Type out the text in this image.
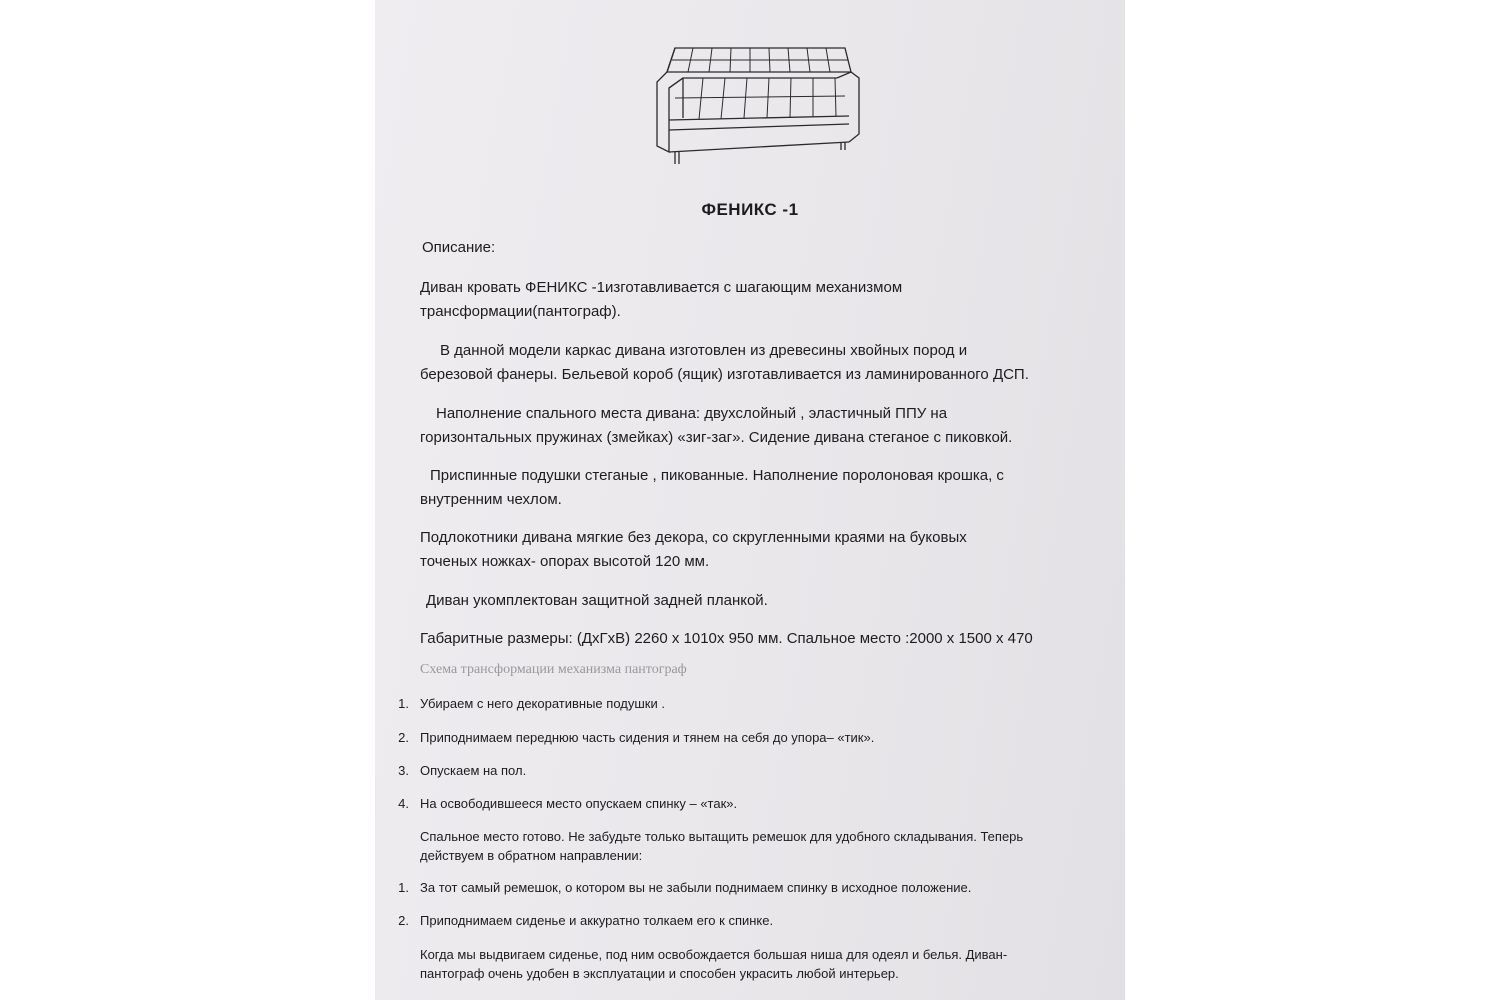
ФЕНИКС -1
Описание:
Диван кровать ФЕНИКС -1изготавливается с шагающим механизмом
трансформации(пантограф).
В данной модели каркас дивана изготовлен из древесины хвойных пород и
березовой фанеры. Бельевой короб (ящик) изготавливается из ламинированного ДСП.
Наполнение спального места дивана: двухслойный , эластичный ППУ на
горизонтальных пружинах (змейках) «зиг-заг». Сидение дивана стеганое с пиковкой.
Приспинные подушки стеганые , пикованные. Наполнение поролоновая крошка, с
внутренним чехлом.
Подлокотники дивана мягкие без декора, со скругленными краями на буковых
точеных ножках- опорах высотой 120 мм.
Диван укомплектован защитной задней планкой.
Габаритные размеры: (ДхГхВ) 2260 х 1010х 950 мм. Спальное место :2000 х 1500 х 470
Схема трансформации механизма пантограф
1. Убираем с него декоративные подушки .
2. Приподнимаем переднюю часть сидения и тянем на себя до упора– «тик».
3. Опускаем на пол.
4. На освободившееся место опускаем спинку – «так».
Спальное место готово. Не забудьте только вытащить ремешок для удобного складывания. Теперь
действуем в обратном направлении:
1. За тот самый ремешок, о котором вы не забыли поднимаем спинку в исходное положение.
2. Приподнимаем сиденье и аккуратно толкаем его к спинке.
Когда мы выдвигаем сиденье, под ним освобождается большая ниша для одеял и белья. Диван-
пантограф очень удобен в эксплуатации и способен украсить любой интерьер.
